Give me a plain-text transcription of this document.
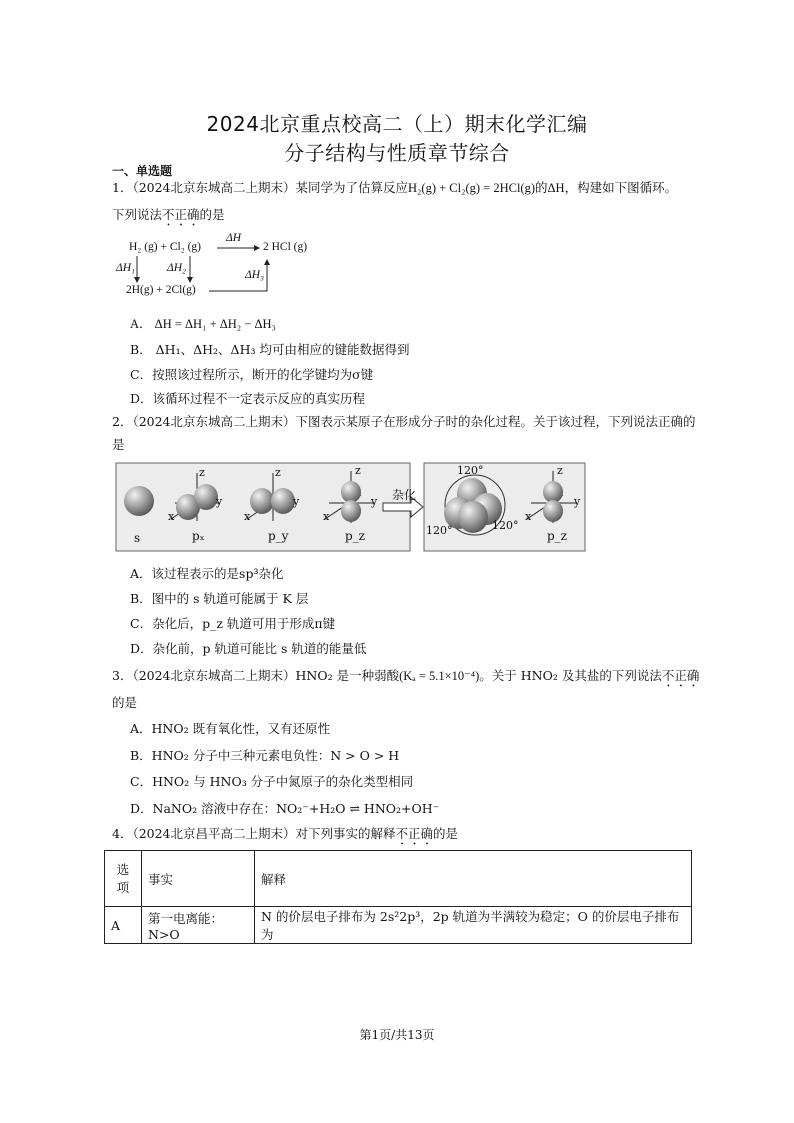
2024北京重点校高二（上）期末化学汇编
分子结构与性质章节综合
一、单选题
1．（2024北京东城高二上期末）某同学为了估算反应H₂(g) + Cl₂(g) = 2HCl(g)的ΔH，构建如下图循环。
下列说法不正确的是
H₂ (g) + Cl₂ (g)
ΔH
2 HCl (g)
ΔH₁	ΔH₂
ΔH₃
2H(g) + 2Cl(g)
A． ΔH = ΔH₁ + ΔH₂ − ΔH₃
B． ΔH₁、ΔH₂、ΔH₃ 均可由相应的键能数据得到
C．按照该过程所示，断开的化学键均为σ键
D．该循环过程不一定表示反应的真实历程
2．（2024北京东城高二上期末）下图表示某原子在形成分子时的杂化过程。关于该过程，下列说法正确的
是
s	pₓ	p_y	p_z	p_z
杂化
120°
120°	120°
z
y
x
z
y
x
z
y
x
z
y
x
A．该过程表示的是sp³杂化
B．图中的 s 轨道可能属于 K 层
C．杂化后，p_z 轨道可用于形成π键
D．杂化前，p 轨道可能比 s 轨道的能量低
3．（2024北京东城高二上期末）HNO₂ 是一种弱酸(Kₐ = 5.1×10⁻⁴)。关于 HNO₂ 及其盐的下列说法不正确
的是
A．HNO₂ 既有氧化性，又有还原性
B．HNO₂ 分子中三种元素电负性：N > O > H
C．HNO₂ 与 HNO₃ 分子中氮原子的杂化类型相同
D．NaNO₂ 溶液中存在：NO₂⁻+H₂O ⇌ HNO₂+OH⁻
4．（2024北京昌平高二上期末）对下列事实的解释不正确的是
选项	事实	解释
A	第一电离能：N>O	N 的价层电子排布为 2s²2p³，2p 轨道为半满较为稳定；O 的价层电子排布为
第1页/共13页
